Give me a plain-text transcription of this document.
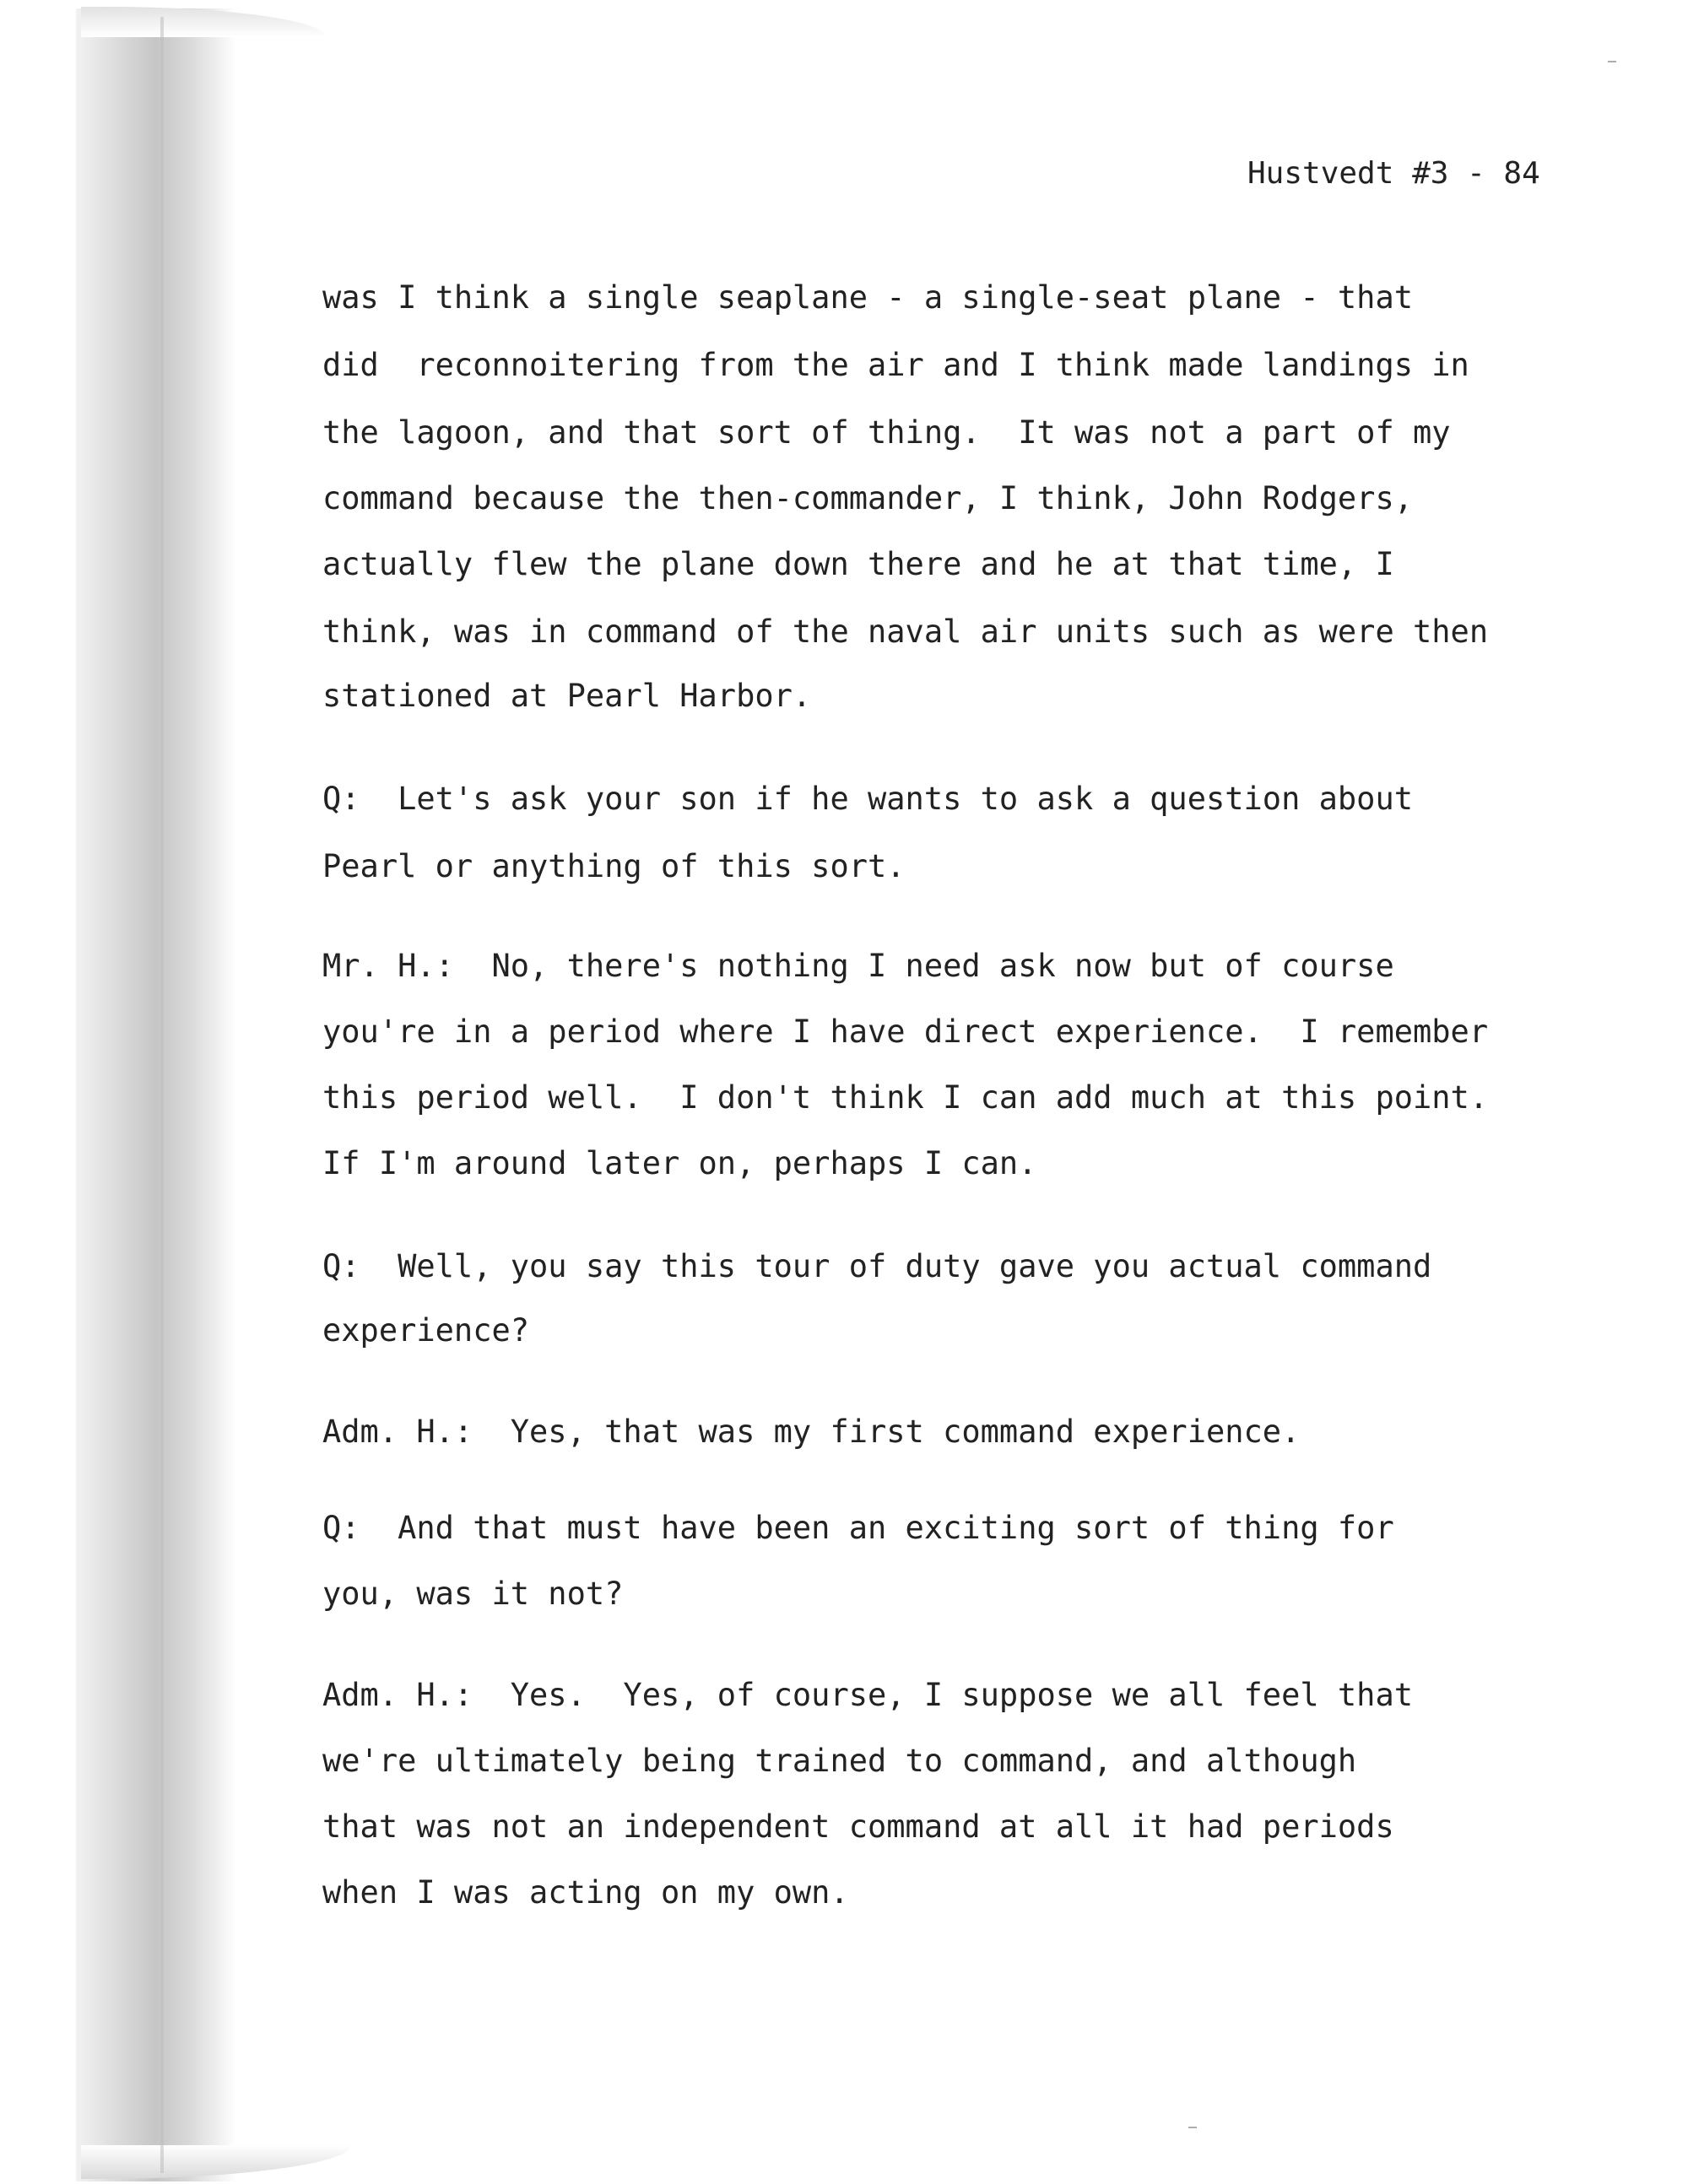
Hustvedt #3 - 84

was I think a single seaplane - a single-seat plane - that

did  reconnoitering from the air and I think made landings in

the lagoon, and that sort of thing.  It was not a part of my

command because the then-commander, I think, John Rodgers,

actually flew the plane down there and he at that time, I

think, was in command of the naval air units such as were then

stationed at Pearl Harbor.

Q:  Let's ask your son if he wants to ask a question about

Pearl or anything of this sort.

Mr. H.:  No, there's nothing I need ask now but of course

you're in a period where I have direct experience.  I remember

this period well.  I don't think I can add much at this point.

If I'm around later on, perhaps I can.

Q:  Well, you say this tour of duty gave you actual command

experience?

Adm. H.:  Yes, that was my first command experience.

Q:  And that must have been an exciting sort of thing for

you, was it not?

Adm. H.:  Yes.  Yes, of course, I suppose we all feel that

we're ultimately being trained to command, and although

that was not an independent command at all it had periods

when I was acting on my own.
